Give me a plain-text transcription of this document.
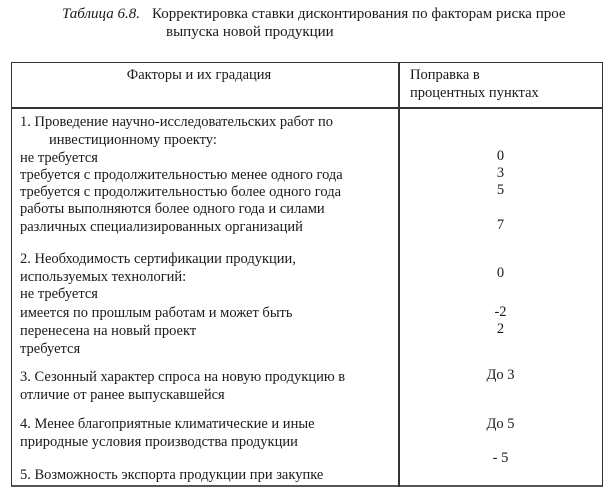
Таблица 6.8. Корректировка ставки дисконтирования по факторам риска прое
выпуска новой продукции
Факторы и их градация	Поправка в
процентных пунктах
1. Проведение научно-исследовательских работ по
инвестиционному проекту:
не требуется
требуется с продолжительностью менее одного года
требуется с продолжительностью более одного года
работы выполняются более одного года и силами
различных специализированных организаций
2. Необходимость сертификации продукции,
используемых технологий:
не требуется
имеется по прошлым работам и может быть
перенесена на новый проект
требуется
3. Сезонный характер спроса на новую продукцию в
отличие от ранее выпускавшейся
4. Менее благоприятные климатические и иные
природные условия производства продукции
5. Возможность экспорта продукции при закупке
0
3
5
7
0
-2
2
До 3
До 5
- 5
